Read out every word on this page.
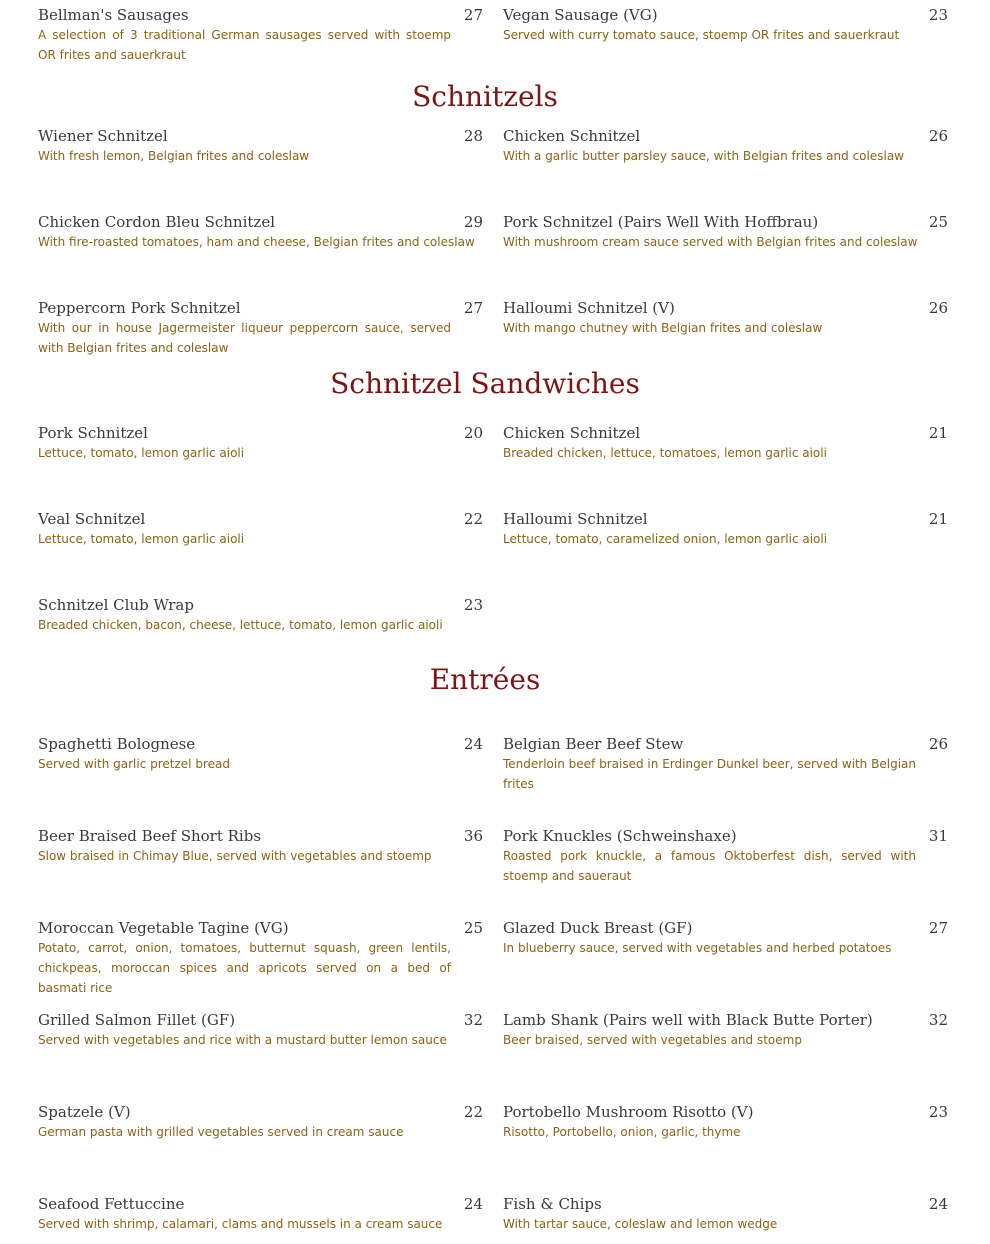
Bellman's Sausages	27
A selection of 3 traditional German sausages served with stoemp OR frites and sauerkraut
Vegan Sausage (VG)	23
Served with curry tomato sauce, stoemp OR frites and sauerkraut
Schnitzels
Wiener Schnitzel	28
With fresh lemon, Belgian frites and coleslaw
Chicken Schnitzel	26
With a garlic butter parsley sauce, with Belgian frites and coleslaw
Chicken Cordon Bleu Schnitzel	29
With fire-roasted tomatoes, ham and cheese, Belgian frites and coleslaw
Pork Schnitzel (Pairs Well With Hoffbrau)	25
With mushroom cream sauce served with Belgian frites and coleslaw
Peppercorn Pork Schnitzel	27
With our in house Jagermeister liqueur peppercorn sauce, served with Belgian frites and coleslaw
Halloumi Schnitzel (V)	26
With mango chutney with Belgian frites and coleslaw
Schnitzel Sandwiches
Pork Schnitzel	20
Lettuce, tomato, lemon garlic aioli
Chicken Schnitzel	21
Breaded chicken, lettuce, tomatoes, lemon garlic aioli
Veal Schnitzel	22
Lettuce, tomato, lemon garlic aioli
Halloumi Schnitzel	21
Lettuce, tomato, caramelized onion, lemon garlic aioli
Schnitzel Club Wrap	23
Breaded chicken, bacon, cheese, lettuce, tomato, lemon garlic aioli
Entrées
Spaghetti Bolognese	24
Served with garlic pretzel bread
Belgian Beer Beef Stew	26
Tenderloin beef braised in Erdinger Dunkel beer, served with Belgian frites
Beer Braised Beef Short Ribs	36
Slow braised in Chimay Blue, served with vegetables and stoemp
Pork Knuckles (Schweinshaxe)	31
Roasted pork knuckle, a famous Oktoberfest dish, served with stoemp and saueraut
Moroccan Vegetable Tagine (VG)	25
Potato, carrot, onion, tomatoes, butternut squash, green lentils, chickpeas, moroccan spices and apricots served on a bed of basmati rice
Glazed Duck Breast (GF)	27
In blueberry sauce, served with vegetables and herbed potatoes
Grilled Salmon Fillet (GF)	32
Served with vegetables and rice with a mustard butter lemon sauce
Lamb Shank (Pairs well with Black Butte Porter)	32
Beer braised, served with vegetables and stoemp
Spatzele (V)	22
German pasta with grilled vegetables served in cream sauce
Portobello Mushroom Risotto (V)	23
Risotto, Portobello, onion, garlic, thyme
Seafood Fettuccine	24
Served with shrimp, calamari, clams and mussels in a cream sauce
Fish & Chips	24
With tartar sauce, coleslaw and lemon wedge
